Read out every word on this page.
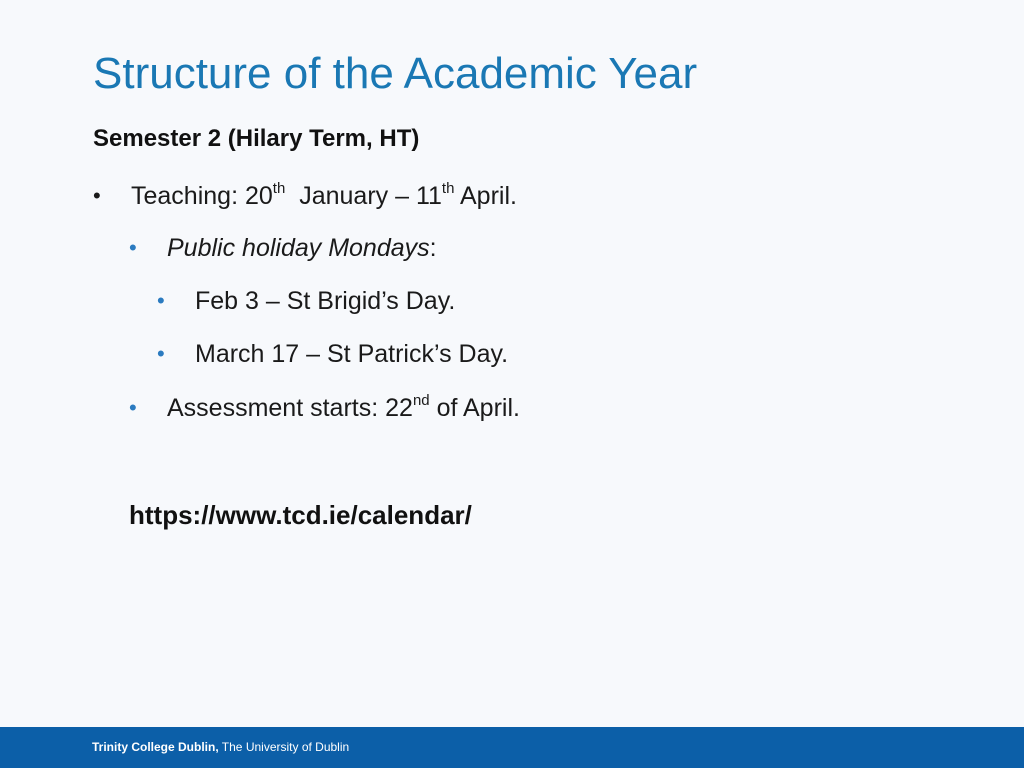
Structure of the Academic Year
Semester 2 (Hilary Term, HT)
• Teaching: 20th January – 11th April.
• Public holiday Mondays:
• Feb 3 – St Brigid’s Day.
• March 17 – St Patrick’s Day.
• Assessment starts: 22nd of April.
https://www.tcd.ie/calendar/
Trinity College Dublin, The University of Dublin
